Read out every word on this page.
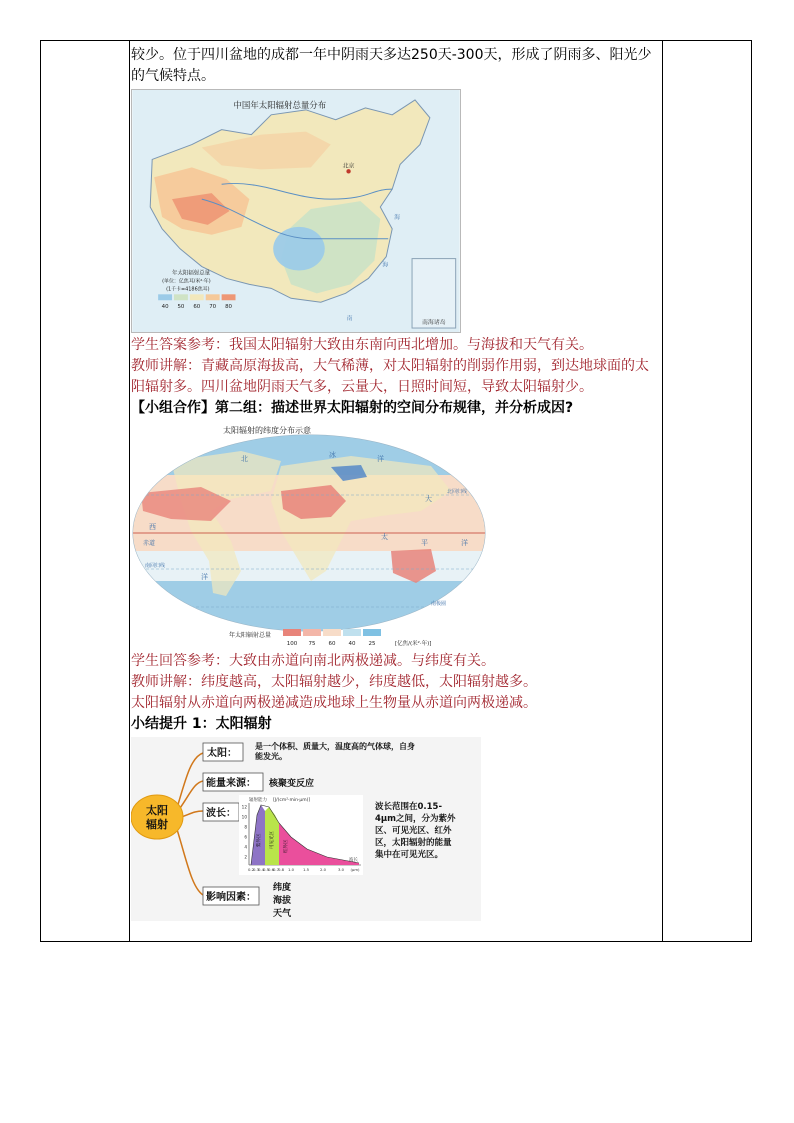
较少。位于四川盆地的成都一年中阴雨天多达250天-300天，形成了阴雨多、阳光少的气候特点。

南海诸岛
中国年太阳辐射总量分布
北京
海
海
南
年太阳辐射总量
(单位：亿焦耳/米²·年)
(1千卡=4186焦耳)
40 50 60 70 80

学生答案参考：我国太阳辐射大致由东南向西北增加。与海拔和天气有关。

教师讲解：青藏高原海拔高，大气稀薄，对太阳辐射的削弱作用弱，到达地球面的太阳辐射多。四川盆地阴雨天气多，云量大，日照时间短，导致太阳辐射少。

【小组合作】第二组：描述世界太阳辐射的空间分布规律，并分析成因?

太阳辐射的纬度分布示意
北	冰	洋
大
太
平	洋
赤道
西
洋
南回归线
北回归线
南极圈
年太阳辐射总量
100 75 60 40 25	[亿焦/(米²·年)]

学生回答参考：大致由赤道向南北两极递减。与纬度有关。

教师讲解：纬度越高，太阳辐射越少，纬度越低，太阳辐射越多。

太阳辐射从赤道向两极递减造成地球上生物量从赤道向两极递减。

小结提升 1：太阳辐射

太阳
辐射
太阳：
是一个体积、质量大，温度高的气体球，自身
能发光。
能量来源： 核聚变反应
波长：
影响因素：
纬度
海拔
天气
辐射能力 [J/(cm²·min·μm)]
紫外区	可见光区	红外区
波长
12
10
8
6
4
2
0.2
0.3
0.4
0.5
0.6
0.7
0.8 1.0 1.5	2.0	3.0 (μm)
波长范围在0.15-
4μm之间，分为紫外
区、可见光区、红外
区，太阳辐射的能量
集中在可见光区。
